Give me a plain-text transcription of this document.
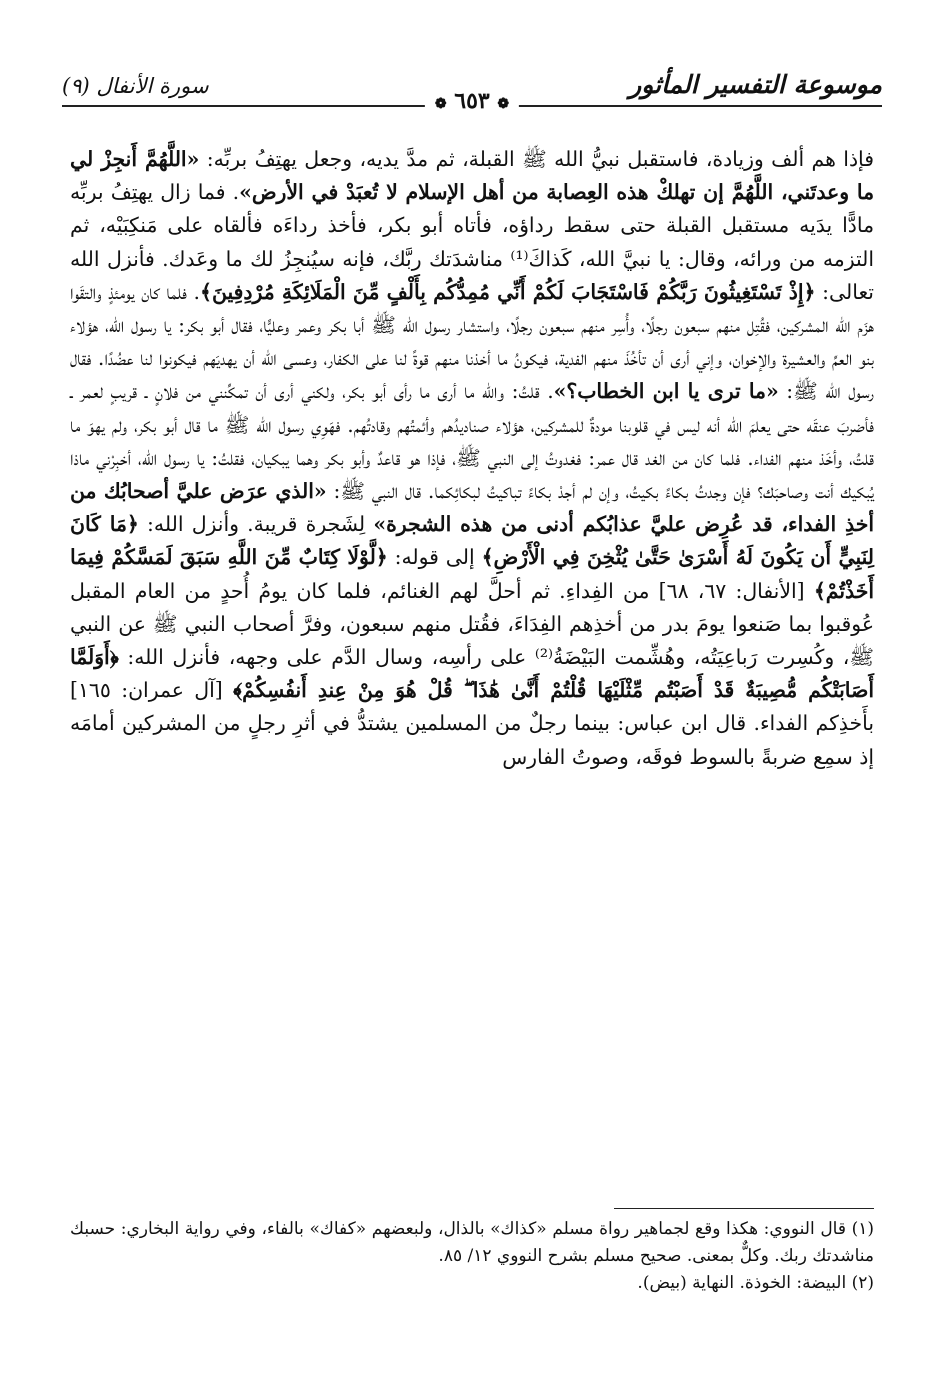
موسوعة التفسير المأثور
سورة الأنفال (٩)
❁ ٦٥٣ ❁

فإذا هم ألف وزيادة، فاستقبل نبيُّ الله ﷺ القبلة، ثم مدَّ يديه، وجعل يهتِفُ بربِّه: «اللَّهُمَّ أَنجِزْ لي ما وعدتَني، اللَّهُمَّ إن تهلكْ هذه العِصابة من أهل الإسلام لا تُعبَدْ في الأرض». فما زال يهتِفُ بربِّه مادًّا يدَيه مستقبل القبلة حتى سقط رداؤه، فأتاه أبو بكر، فأخذ رداءَه فألقاه على مَنكِبَيْه، ثم التزمه من ورائه، وقال: يا نبيَّ الله، كَذاكَ⁽¹⁾ مناشدَتك ربَّك، فإنه سيُنجِزُ لك ما وعَدك. فأنزل الله تعالى: ﴿إِذْ تَسْتَغِيثُونَ رَبَّكُمْ فَاسْتَجَابَ لَكُمْ أَنِّي مُمِدُّكُم بِأَلْفٍ مِّنَ الْمَلَائِكَةِ مُرْدِفِينَ﴾. فلما كان يومئذٍ والتقَوا هزَم الله المشركين، فقُتِل منهم سبعون رجلًا، وأُسِر منهم سبعون رجلًا، واستشار رسول الله ﷺ أبا بكر وعمر وعليًّا، فقال أبو بكر: يا رسول الله، هؤلاء بنو العمِّ والعشيرة والإخوان، وإني أرى أن تأخُذَ منهم الفدية، فيكونُ ما أخذنا منهم قوةً لنا على الكفار، وعسى الله أن يهديَهم فيكونوا لنا عضُدًا. فقال رسول الله ﷺ: «ما ترى يا ابن الخطاب؟». قلتُ: والله ما أرى ما رأى أبو بكر، ولكني أرى أن تمكِّنني من فلانٍ ـ قريبٍ لعمر ـ فأضربَ عنقَه حتى يعلمَ الله أنه ليس في قلوبنا مودةٌ للمشركين، هؤلاء صناديدُهم وأئمتُهم وقادتُهم. فهَوِي رسول الله ﷺ ما قال أبو بكر، ولم يهوَ ما قلتُ، وأخَذ منهم الفداء. فلما كان من الغد قال عمر: فغدوتُ إلى النبي ﷺ، فإذا هو قاعدٌ وأبو بكر وهما يبكيان، فقلتُ: يا رسول الله، أخبِرْني ماذا يُبكيك أنت وصاحبَك؟ فإن وجدتُ بكاءً بكيتُ، وإن لم أجدْ بكاءً تباكيتُ لبكائِكما. قال النبي ﷺ: «الذي عرَض عليَّ أصحابُك من أخذِ الفداء، قد عُرِض عليَّ عذابُكم أدنى من هذه الشجرة» لِشَجرة قريبة. وأنزل الله: ﴿مَا كَانَ لِنَبِيٍّ أَن يَكُونَ لَهُ أَسْرَىٰ حَتَّىٰ يُثْخِنَ فِي الْأَرْضِ﴾ إلى قوله: ﴿لَّوْلَا كِتَابٌ مِّنَ اللَّهِ سَبَقَ لَمَسَّكُمْ فِيمَا أَخَذْتُمْ﴾ [الأنفال: ٦٧، ٦٨] من الفِداءِ. ثم أحلَّ لهم الغنائم، فلما كان يومُ أُحدٍ من العام المقبل عُوقبوا بما صَنعوا يومَ بدر من أخذِهم الفِدَاءَ، فقُتل منهم سبعون، وفرَّ أصحاب النبي ﷺ عن النبي ﷺ، وكُسِرت رَباعِيَتُه، وهُشِّمت البَيْضَةُ⁽²⁾ على رأسِه، وسال الدَّم على وجهه، فأنزل الله: ﴿أَوَلَمَّا أَصَابَتْكُم مُّصِيبَةٌ قَدْ أَصَبْتُم مِّثْلَيْهَا قُلْتُمْ أَنَّىٰ هَٰذَا ۖ قُلْ هُوَ مِنْ عِندِ أَنفُسِكُمْ﴾ [آل عمران: ١٦٥] بأَخذِكم الفداء. قال ابن عباس: بينما رجلٌ من المسلمين يشتدُّ في أثرِ رجلٍ من المشركين أمامَه إذ سمِع ضربةً بالسوط فوقَه، وصوتُ الفارس

(١) قال النووي: هكذا وقع لجماهير رواة مسلم «كذاك» بالذال، ولبعضهم «كفاك» بالفاء، وفي رواية البخاري: حسبك مناشدتك ربك. وكلٌّ بمعنى. صحيح مسلم بشرح النووي ١٢/ ٨٥.

(٢) البيضة: الخوذة. النهاية (بيض).
